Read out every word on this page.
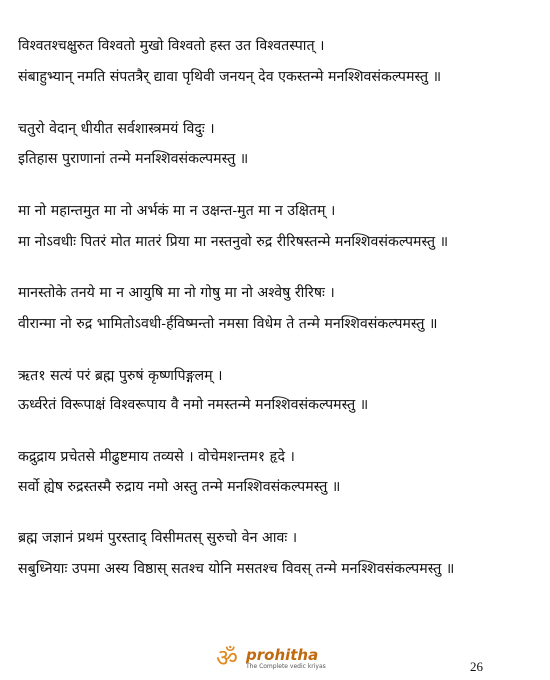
विश्वतश्चक्षुरुत विश्वतो मुखो विश्वतो हस्त उत विश्वतस्पात् ।
संबाहुभ्यान् नमति संपतत्रैर् द्यावा पृथिवी जनयन् देव एकस्तन्मे मनश्शिवसंकल्पमस्तु ॥
चतुरो वेदान् धीयीत सर्वशास्त्रमयं विदुः ।
इतिहास पुराणानां तन्मे मनश्शिवसंकल्पमस्तु ॥
मा नो महान्तमुत मा नो अर्भकं मा न उक्षन्त-मुत मा न उक्षितम् ।
मा नोऽवधीः पितरं मोत मातरं प्रिया मा नस्तनुवो रुद्र रीरिषस्तन्मे मनश्शिवसंकल्पमस्तु ॥
मानस्तोके तनये मा न आयुषि मा नो गोषु मा नो अश्वेषु रीरिषः ।
वीरान्मा नो रुद्र भामितोऽवधी-र्हविष्मन्तो नमसा विधेम ते तन्मे मनश्शिवसंकल्पमस्तु ॥
ऋत१ सत्यं परं ब्रह्म पुरुषं कृष्णपिङ्गलम् ।
ऊर्ध्वरेतं विरूपाक्षं विश्वरूपाय वै नमो नमस्तन्मे मनश्शिवसंकल्पमस्तु ॥
कद्रुद्राय प्रचेतसे मीढुष्टमाय तव्यसे । वोचेमशन्तम१ हृदे ।
सर्वो ह्येष रुद्रस्तस्मै रुद्राय नमो अस्तु तन्मे मनश्शिवसंकल्पमस्तु ॥
ब्रह्म जज्ञानं प्रथमं पुरस्ताद् विसीमतस् सुरुचो वेन आवः ।
सबुध्नियाः उपमा अस्य विष्ठास् सतश्च योनि मसतश्च विवस् तन्मे मनश्शिवसंकल्पमस्तु ॥
ॐ prohitha
The Complete vedic kriyas	26
